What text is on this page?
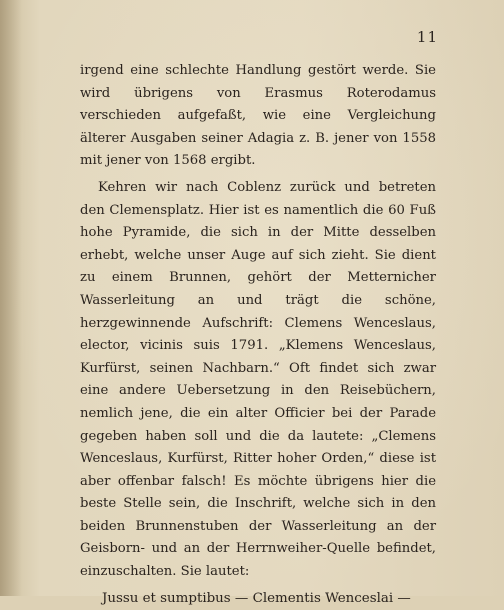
11

irgend eine schlechte Handlung gestört werde. Sie wird übrigens von Erasmus Roterodamus verschieden aufgefaßt, wie eine Vergleichung älterer Ausgaben seiner Adagia z. B. jener von 1558 mit jener von 1568 ergibt.

Kehren wir nach Coblenz zurück und betreten den Clemensplatz. Hier ist es namentlich die 60 Fuß hohe Pyramide, die sich in der Mitte desselben erhebt, welche unser Auge auf sich zieht. Sie dient zu einem Brunnen, gehört der Metternicher Wasserleitung an und trägt die schöne, herzgewinnende Aufschrift: Clemens Wenceslaus, elector, vicinis suis 1791. „Klemens Wenceslaus, Kurfürst, seinen Nachbarn.“ Oft findet sich zwar eine andere Uebersetzung in den Reisebüchern, nemlich jene, die ein alter Officier bei der Parade gegeben haben soll und die da lautete: „Clemens Wenceslaus, Kurfürst, Ritter hoher Orden,“ diese ist aber offenbar falsch! Es möchte übrigens hier die beste Stelle sein, die Inschrift, welche sich in den beiden Brunnenstuben der Wasserleitung an der Geisborn- und an der Herrnweiher-Quelle befindet, einzuschalten. Sie lautet:

Jussu et sumptibus — Clementis Wenceslai —
